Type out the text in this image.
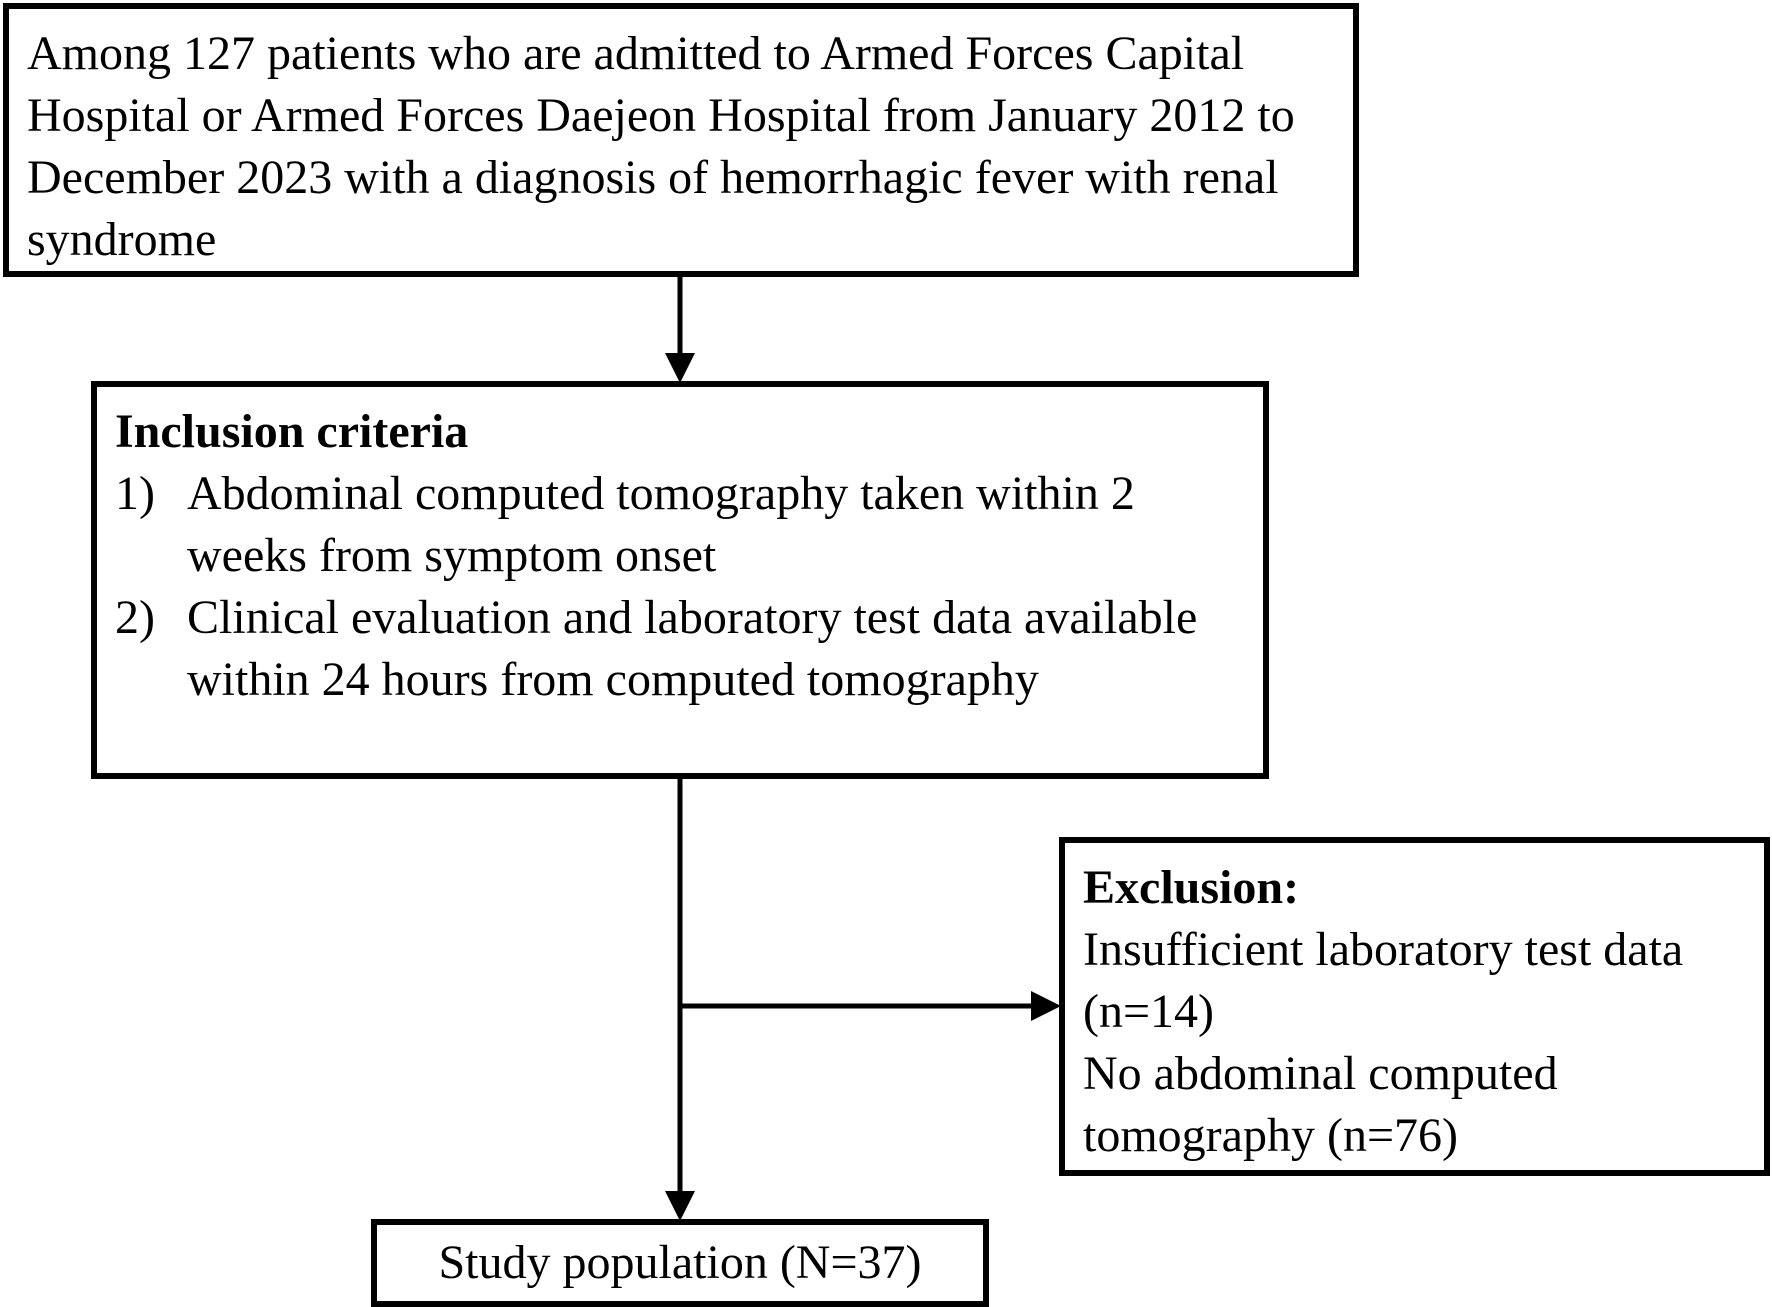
Among 127 patients who are admitted to Armed Forces Capital Hospital or Armed Forces Daejeon Hospital from January 2012 to December 2023 with a diagnosis of hemorrhagic fever with renal syndrome
Inclusion criteria
1) Abdominal computed tomography taken within 2 weeks from symptom onset
2) Clinical evaluation and laboratory test data available within 24 hours from computed tomography
Exclusion:
Insufficient laboratory test data (n=14)
No abdominal computed tomography (n=76)
Study population (N=37)
